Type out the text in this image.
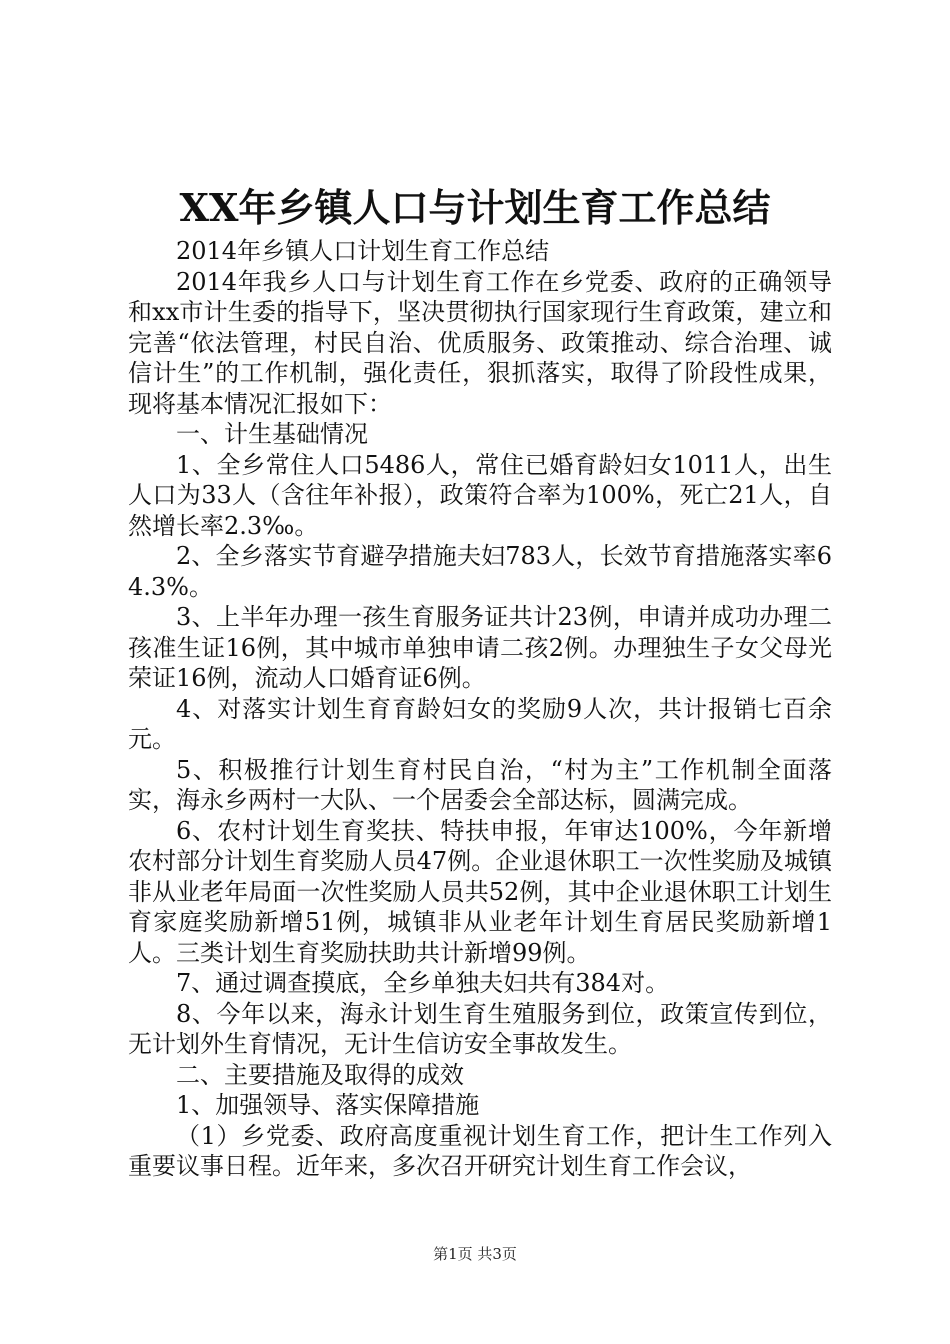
XX年乡镇人口与计划生育工作总结

2014年乡镇人口计划生育工作总结

2014年我乡人口与计划生育工作在乡党委、政府的正确领导和xx市计生委的指导下，坚决贯彻执行国家现行生育政策，建立和完善“依法管理，村民自治、优质服务、政策推动、综合治理、诚信计生”的工作机制，强化责任，狠抓落实，取得了阶段性成果，现将基本情况汇报如下：

一、计生基础情况

1、全乡常住人口5486人，常住已婚育龄妇女1011人，出生人口为33人（含往年补报），政策符合率为100%，死亡21人，自然增长率2.3‰。

2、全乡落实节育避孕措施夫妇783人，长效节育措施落实率64.3%。

3、上半年办理一孩生育服务证共计23例，申请并成功办理二孩准生证16例，其中城市单独申请二孩2例。办理独生子女父母光荣证16例，流动人口婚育证6例。

4、对落实计划生育育龄妇女的奖励9人次，共计报销七百余元。

5、积极推行计划生育村民自治，“村为主”工作机制全面落实，海永乡两村一大队、一个居委会全部达标，圆满完成。

6、农村计划生育奖扶、特扶申报，年审达100%，今年新增农村部分计划生育奖励人员47例。企业退休职工一次性奖励及城镇非从业老年局面一次性奖励人员共52例，其中企业退休职工计划生育家庭奖励新增51例，城镇非从业老年计划生育居民奖励新增1人。三类计划生育奖励扶助共计新增99例。

7、通过调查摸底，全乡单独夫妇共有384对。

8、今年以来，海永计划生育生殖服务到位，政策宣传到位，无计划外生育情况，无计生信访安全事故发生。

二、主要措施及取得的成效

1、加强领导、落实保障措施

（1）乡党委、政府高度重视计划生育工作，把计生工作列入重要议事日程。近年来，多次召开研究计划生育工作会议，

第1页 共3页
